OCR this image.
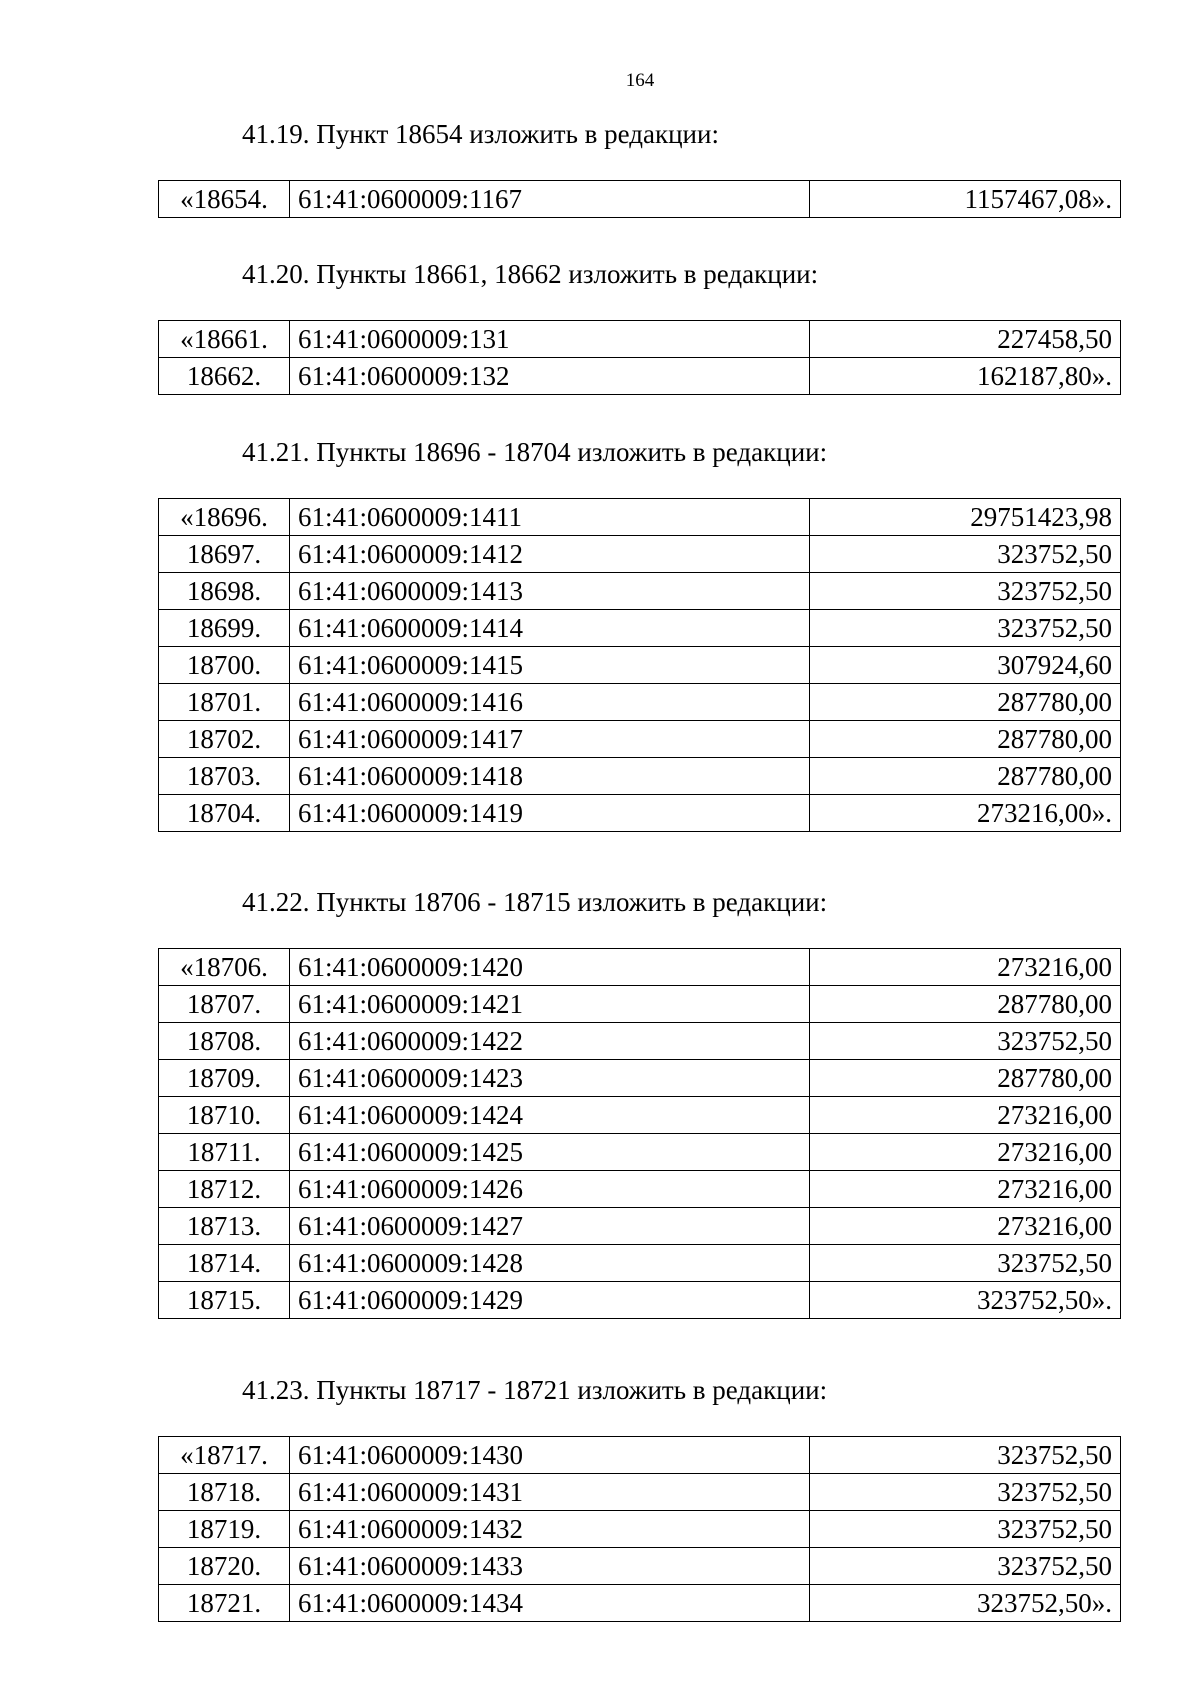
164
41.19. Пункт 18654 изложить в редакции:
«18654.	61:41:0600009:1167	1157467,08».
41.20. Пункты 18661, 18662 изложить в редакции:
«18661.	61:41:0600009:131	227458,50
18662.	61:41:0600009:132	162187,80».
41.21. Пункты 18696 - 18704 изложить в редакции:
«18696.	61:41:0600009:1411	29751423,98
18697.	61:41:0600009:1412	323752,50
18698.	61:41:0600009:1413	323752,50
18699.	61:41:0600009:1414	323752,50
18700.	61:41:0600009:1415	307924,60
18701.	61:41:0600009:1416	287780,00
18702.	61:41:0600009:1417	287780,00
18703.	61:41:0600009:1418	287780,00
18704.	61:41:0600009:1419	273216,00».
41.22. Пункты 18706 - 18715 изложить в редакции:
«18706.	61:41:0600009:1420	273216,00
18707.	61:41:0600009:1421	287780,00
18708.	61:41:0600009:1422	323752,50
18709.	61:41:0600009:1423	287780,00
18710.	61:41:0600009:1424	273216,00
18711.	61:41:0600009:1425	273216,00
18712.	61:41:0600009:1426	273216,00
18713.	61:41:0600009:1427	273216,00
18714.	61:41:0600009:1428	323752,50
18715.	61:41:0600009:1429	323752,50».
41.23. Пункты 18717 - 18721 изложить в редакции:
«18717.	61:41:0600009:1430	323752,50
18718.	61:41:0600009:1431	323752,50
18719.	61:41:0600009:1432	323752,50
18720.	61:41:0600009:1433	323752,50
18721.	61:41:0600009:1434	323752,50».
